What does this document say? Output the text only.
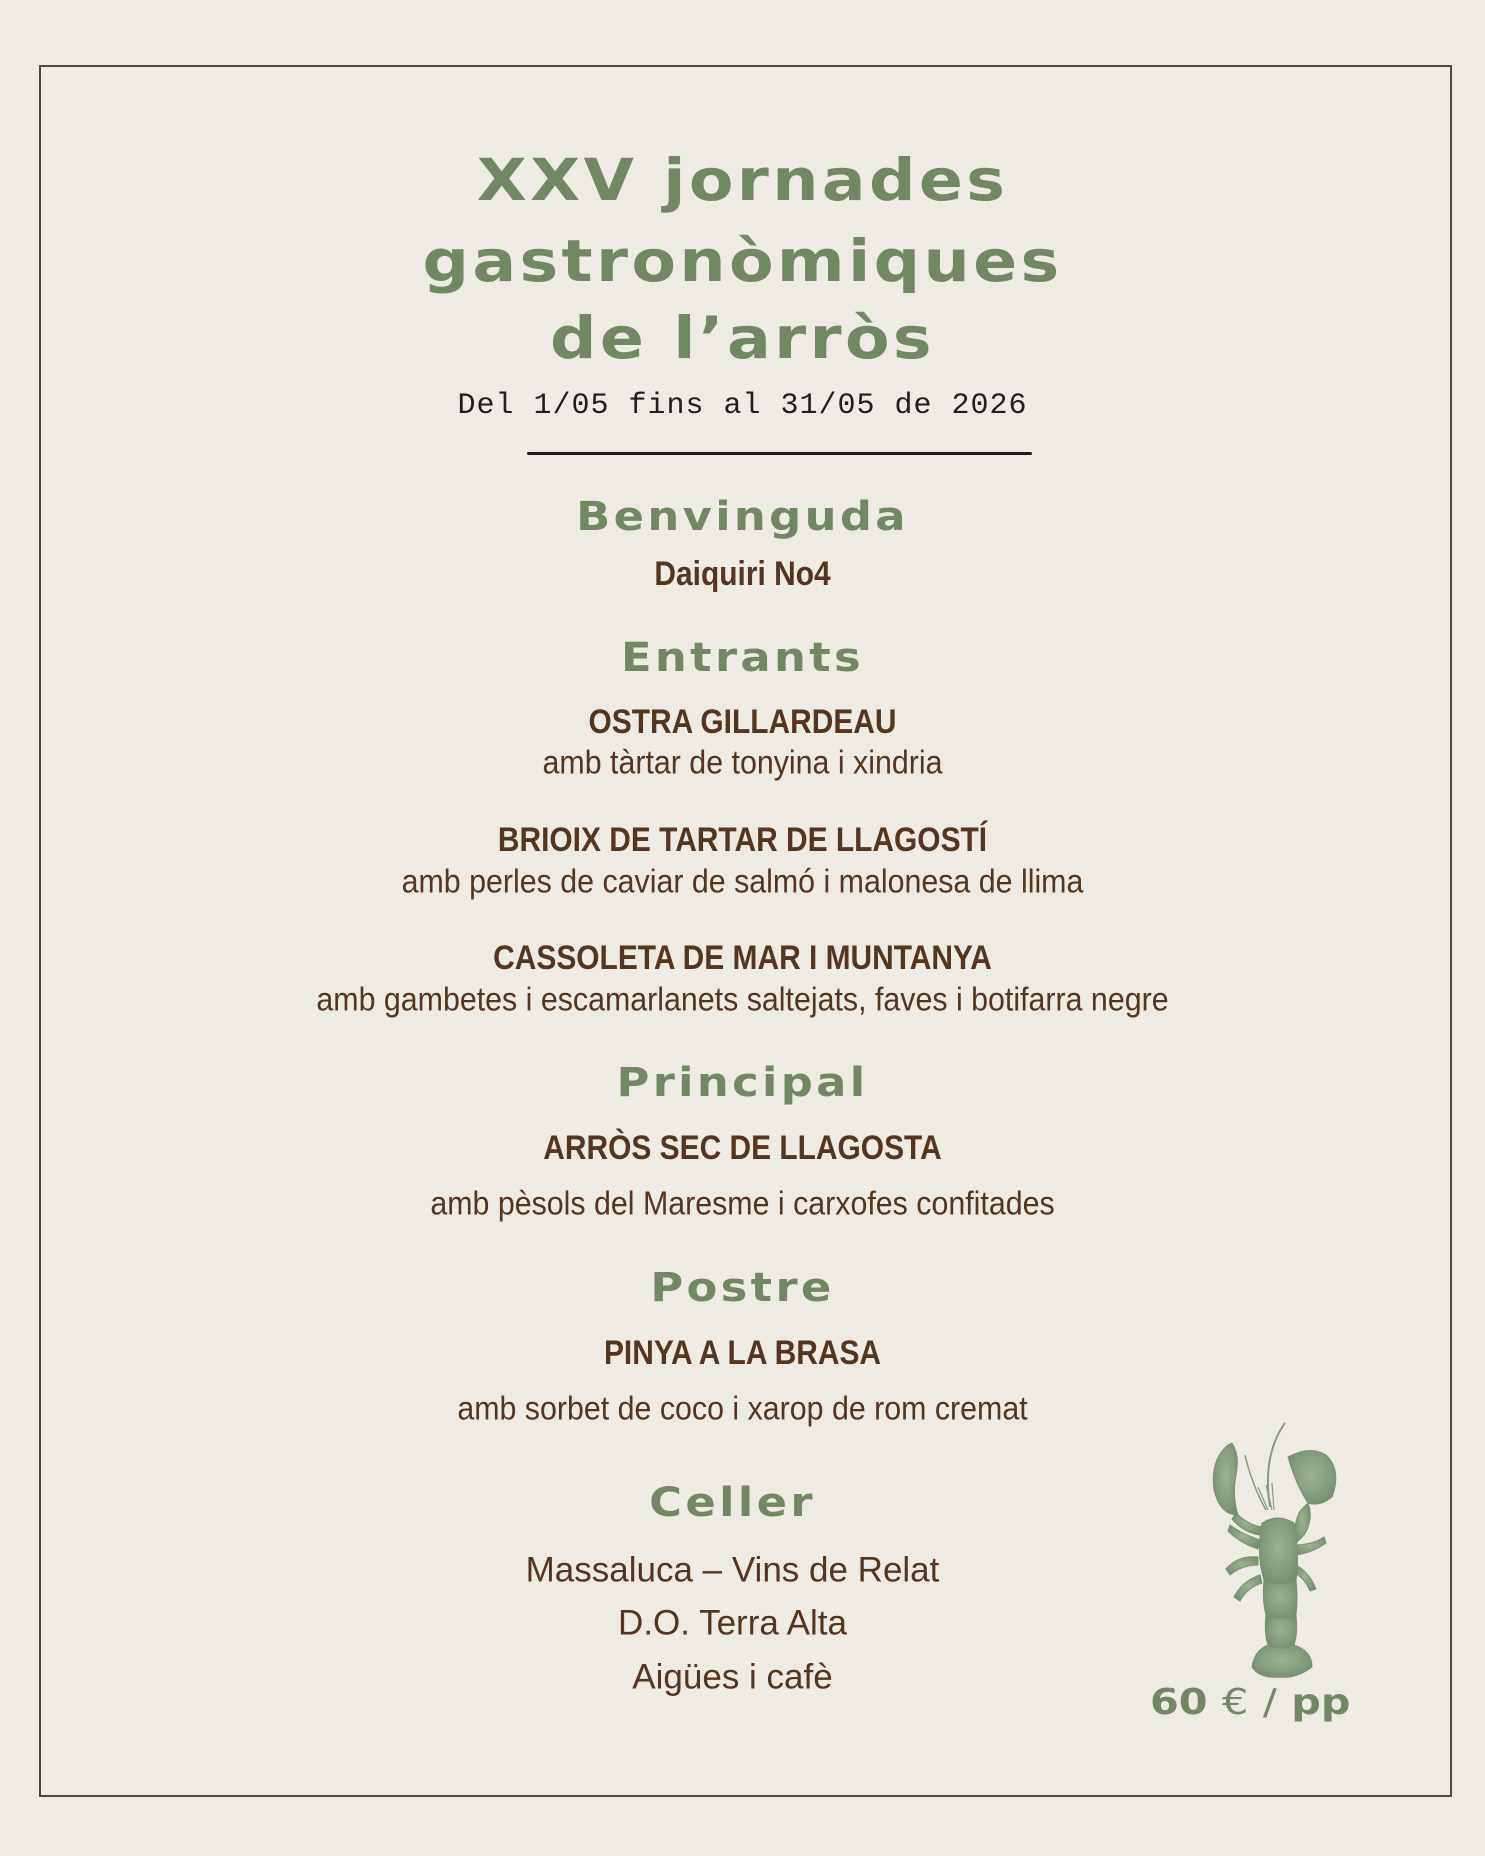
XXV jornades
gastronòmiques
de l’arròs
Del 1/05 fins al 31/05 de 2026
Benvinguda
Daiquiri No4
Entrants
OSTRA GILLARDEAU
amb tàrtar de tonyina i xindria
BRIOIX DE TARTAR DE LLAGOSTÍ
amb perles de caviar de salmó i malonesa de llima
CASSOLETA DE MAR I MUNTANYA
amb gambetes i escamarlanets saltejats, faves i botifarra negre
Principal
ARRÒS SEC DE LLAGOSTA
amb pèsols del Maresme i carxofes confitades
Postre
PINYA A LA BRASA
amb sorbet de coco i xarop de rom cremat
Celler
Massaluca – Vins de Relat
D.O. Terra Alta
Aigües i cafè
60 € / pp
